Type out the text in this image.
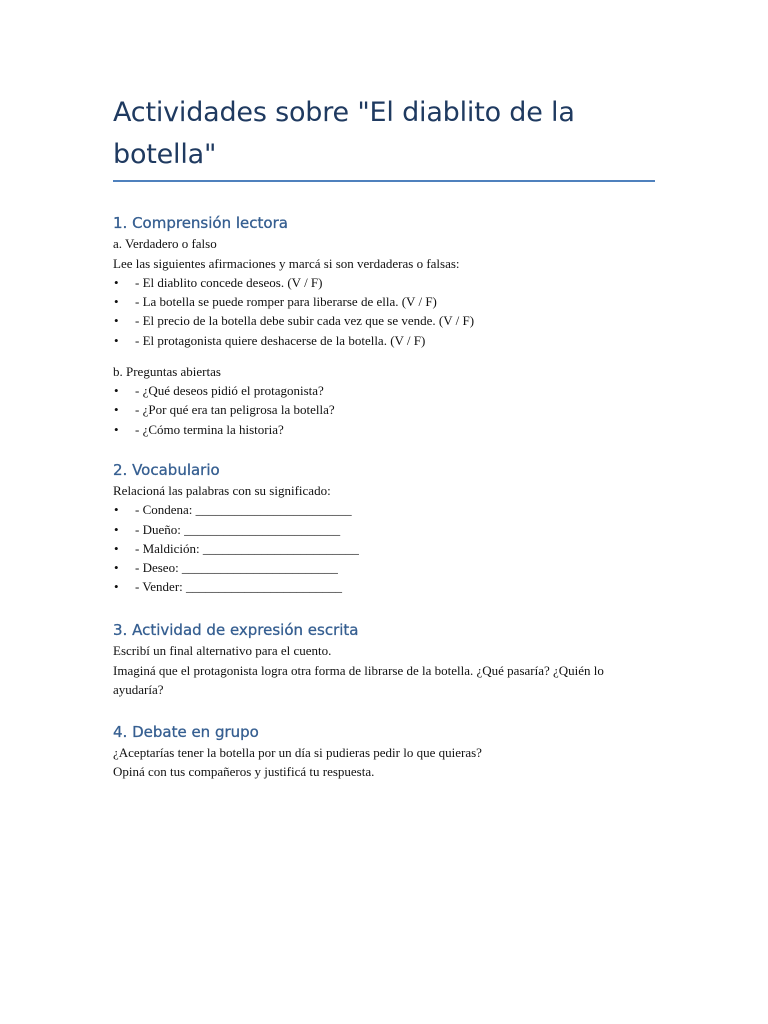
Actividades sobre "El diablito de la botella"
1. Comprensión lectora

a. Verdadero o falso

Lee las siguientes afirmaciones y marcá si son verdaderas o falsas:

• - El diablito concede deseos. (V / F)
• - La botella se puede romper para liberarse de ella. (V / F)
• - El precio de la botella debe subir cada vez que se vende. (V / F)
• - El protagonista quiere deshacerse de la botella. (V / F)

b. Preguntas abiertas

• - ¿Qué deseos pidió el protagonista?
• - ¿Por qué era tan peligrosa la botella?
• - ¿Cómo termina la historia?
2. Vocabulario

Relacioná las palabras con su significado:

• - Condena: ________________________
• - Dueño: ________________________
• - Maldición: ________________________
• - Deseo: ________________________
• - Vender: ________________________
3. Actividad de expresión escrita

Escribí un final alternativo para el cuento.

Imaginá que el protagonista logra otra forma de librarse de la botella. ¿Qué pasaría? ¿Quién lo ayudaría?

4. Debate en grupo

¿Aceptarías tener la botella por un día si pudieras pedir lo que quieras?

Opiná con tus compañeros y justificá tu respuesta.
